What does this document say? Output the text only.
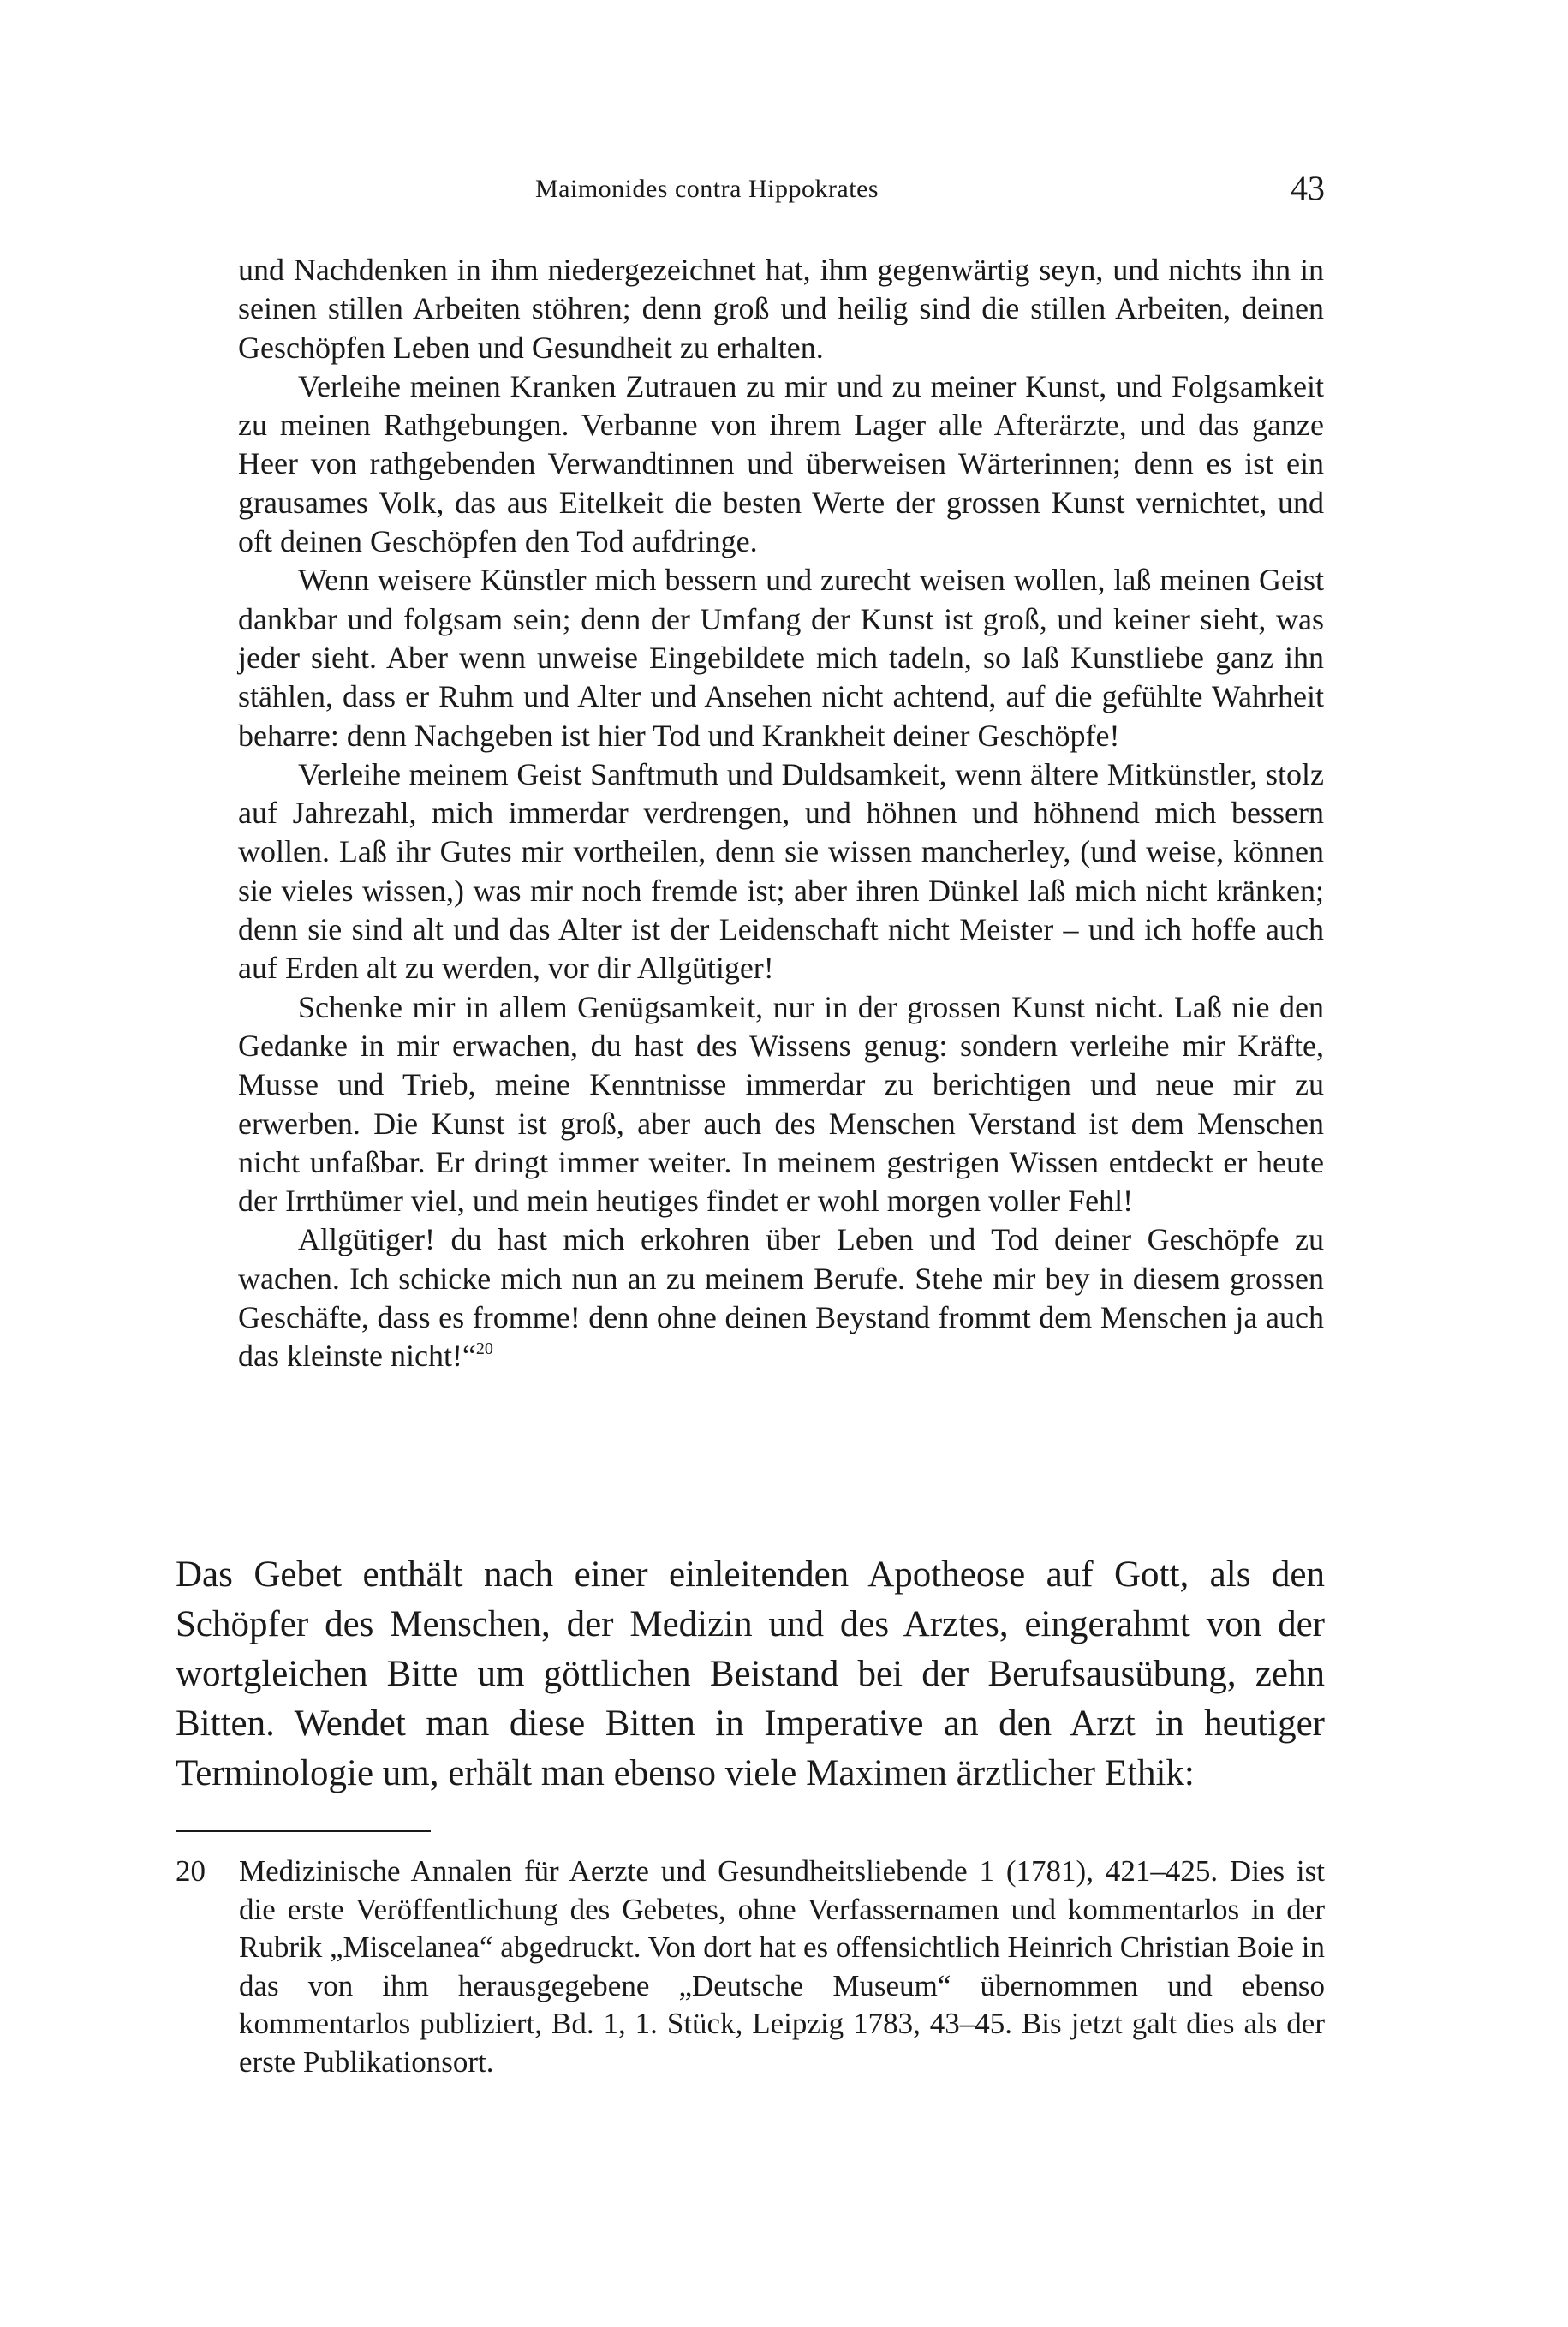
Maimonides contra Hippokrates	43

und Nachdenken in ihm niedergezeichnet hat, ihm gegenwärtig seyn, und nichts ihn in seinen stillen Arbeiten stöhren; denn groß und heilig sind die stillen Arbeiten, deinen Geschöpfen Leben und Gesundheit zu erhalten.

Verleihe meinen Kranken Zutrauen zu mir und zu meiner Kunst, und Folgsamkeit zu meinen Rathgebungen. Verbanne von ihrem Lager alle Afterärzte, und das ganze Heer von rathgebenden Verwandtinnen und überweisen Wärterinnen; denn es ist ein grausames Volk, das aus Eitelkeit die besten Werte der grossen Kunst vernichtet, und oft deinen Geschöpfen den Tod aufdringe.

Wenn weisere Künstler mich bessern und zurecht weisen wollen, laß meinen Geist dankbar und folgsam sein; denn der Umfang der Kunst ist groß, und keiner sieht, was jeder sieht. Aber wenn unweise Eingebildete mich tadeln, so laß Kunstliebe ganz ihn stählen, dass er Ruhm und Alter und Ansehen nicht achtend, auf die gefühlte Wahrheit beharre: denn Nachgeben ist hier Tod und Krankheit deiner Geschöpfe!

Verleihe meinem Geist Sanftmuth und Duldsamkeit, wenn ältere Mitkünstler, stolz auf Jahrezahl, mich immerdar verdrengen, und höhnen und höhnend mich bessern wollen. Laß ihr Gutes mir vortheilen, denn sie wissen mancherley, (und weise, können sie vieles wissen,) was mir noch fremde ist; aber ihren Dünkel laß mich nicht kränken; denn sie sind alt und das Alter ist der Leidenschaft nicht Meister – und ich hoffe auch auf Erden alt zu werden, vor dir Allgütiger!

Schenke mir in allem Genügsamkeit, nur in der grossen Kunst nicht. Laß nie den Gedanke in mir erwachen, du hast des Wissens genug: sondern verleihe mir Kräfte, Musse und Trieb, meine Kenntnisse immerdar zu berichtigen und neue mir zu erwerben. Die Kunst ist groß, aber auch des Menschen Verstand ist dem Menschen nicht unfaßbar. Er dringt immer weiter. In meinem gestrigen Wissen entdeckt er heute der Irrthümer viel, und mein heutiges findet er wohl morgen voller Fehl!

Allgütiger! du hast mich erkohren über Leben und Tod deiner Geschöpfe zu wachen. Ich schicke mich nun an zu meinem Berufe. Stehe mir bey in diesem grossen Geschäfte, dass es fromme! denn ohne deinen Beystand frommt dem Menschen ja auch das kleinste nicht!“$^{20}$

Das Gebet enthält nach einer einleitenden Apotheose auf Gott, als den Schöpfer des Menschen, der Medizin und des Arztes, eingerahmt von der wortgleichen Bitte um göttlichen Beistand bei der Berufsausübung, zehn Bitten. Wendet man diese Bitten in Imperative an den Arzt in heutiger Terminologie um, erhält man ebenso viele Maximen ärztlicher Ethik:

20 Medizinische Annalen für Aerzte und Gesundheitsliebende 1 (1781), 421–425. Dies ist die erste Veröffentlichung des Gebetes, ohne Verfassernamen und kommentarlos in der Rubrik „Miscelanea“ abgedruckt. Von dort hat es offensichtlich Heinrich Christian Boie in das von ihm herausgegebene „Deutsche Museum“ übernommen und ebenso kommentarlos publiziert, Bd. 1, 1. Stück, Leipzig 1783, 43–45. Bis jetzt galt dies als der erste Publikationsort.
